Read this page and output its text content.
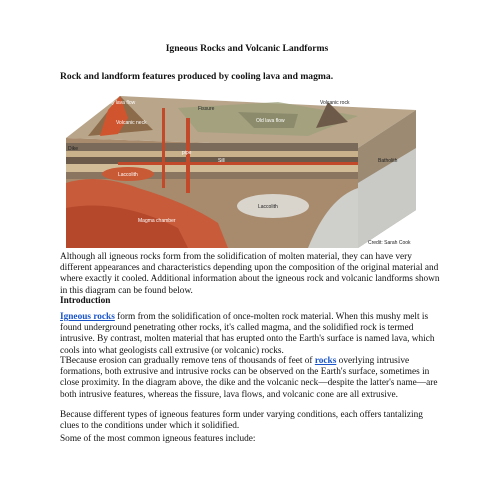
Igneous Rocks and Volcanic Landforms
Rock and landform features produced by cooling lava and magma.
Freshly lava flow
Volcanic neck
Fissure
Old lava flow
Volcanic rock
Dike
pipe
Sill
Laccolith
Laccolith
Batholith
Magma chamber
Credit: Sarah Cook

Although all igneous rocks form from the solidification of molten material, they can have very different appearances and characteristics depending upon the composition of the original material and where exactly it cooled. Additional information about the igneous rock and volcanic landforms shown in this diagram can be found below.

Introduction

Igneous rocks form from the solidification of once-molten rock material. When this mushy melt is found underground penetrating other rocks, it's called magma, and the solidified rock is termed intrusive. By contrast, molten material that has erupted onto the Earth's surface is named lava, which cools into what geologists call extrusive (or volcanic) rocks.

TBecause erosion can gradually remove tens of thousands of feet of rocks overlying intrusive formations, both extrusive and intrusive rocks can be observed on the Earth's surface, sometimes in close proximity. In the diagram above, the dike and the volcanic neck—despite the latter's name—are both intrusive features, whereas the fissure, lava flows, and volcanic cone are all extrusive.

Because different types of igneous features form under varying conditions, each offers tantalizing clues to the conditions under which it solidified.

Some of the most common igneous features include:
